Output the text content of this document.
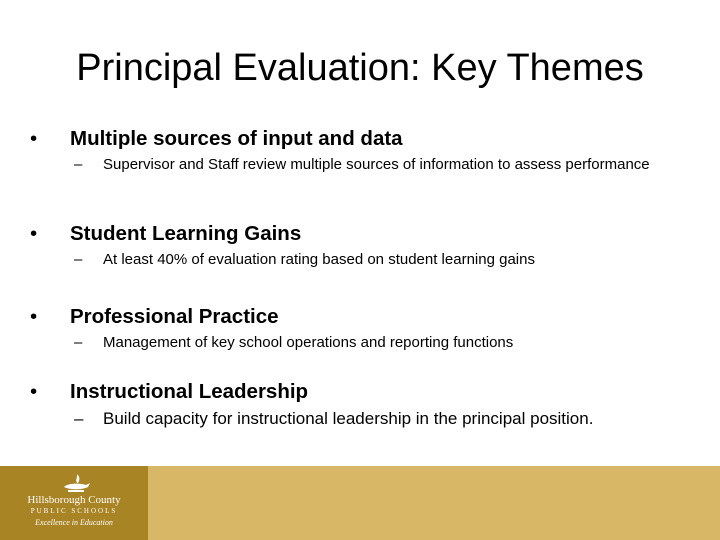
Principal Evaluation: Key Themes
• Multiple sources of input and data
– Supervisor and Staff review multiple sources of information to assess performance
• Student Learning Gains
– At least 40% of evaluation rating based on student learning gains
• Professional Practice
– Management of key school operations and reporting functions
• Instructional Leadership
– Build capacity for instructional leadership in the principal position.
Hillsborough County
PUBLIC SCHOOLS
Excellence in Education
